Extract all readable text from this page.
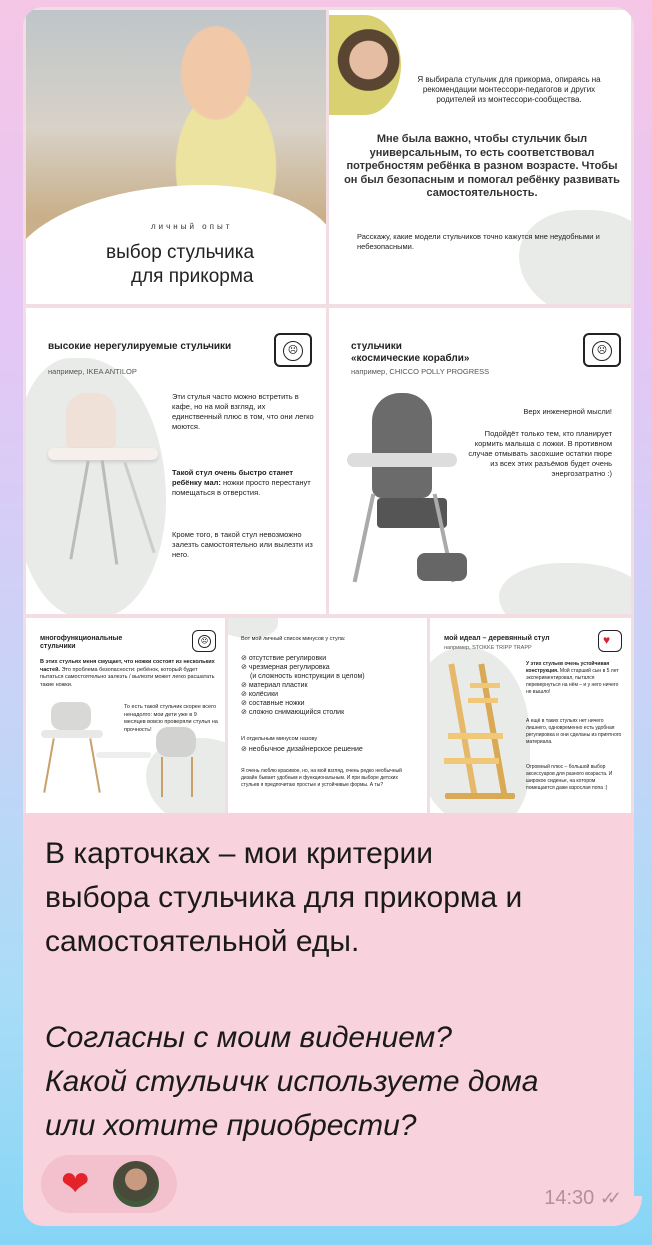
личный опыт
выбор стульчика
для прикорма
Я выбирала стульчик для прикорма, опираясь на рекомендации монтессори-педагогов и других родителей из монтессори-сообщества.
Мне была важно, чтобы стульчик был универсальным, то есть соответствовал потребностям ребёнка в разном возрасте. Чтобы он был безопасным и помогал ребёнку развивать самостоятельность.
Расскажу, какие модели стульчиков точно кажутся мне неудобными и небезопасными.
высокие нерегулируемые стульчики
например, IKEA ANTILOP
☹
Эти стулья часто можно встретить в кафе, но на мой взгляд, их единственный плюс в том, что они легко моются.
Такой стул очень быстро станет ребёнку мал: ножки просто перестанут помещаться в отверстия.
Кроме того, в такой стул невозможно залезть самостоятельно или вылезти из него.
стульчики
«космические корабли»
например, CHICCO POLLY PROGRESS
☹
Верх инженерной мысли!
Подойдёт только тем, кто планирует кормить малыша с ложки. В противном случае отмывать засохшие остатки пюре из всех этих разъёмов будет очень энергозатратно :)
многофункциональные
стульчики
☹
В этих стульях меня смущает, что ножки состоят из нескольких частей. Это проблема безопасности: ребёнок, который будет пытаться самостоятельно залезть / вылезти может легко расшатать такие ножки.
То есть такой стульчик скорее всего ненадолго: мои дети уже в 9 месяцев вовсю проверяли стулья на прочность!
Вот мой личный список минусов у стула:
⊘ отсутствие регулировки
⊘ чрезмерная регулировка
(и сложность конструкции в целом)
⊘ материал пластик
⊘ колёсики
⊘ составные ножки
⊘ сложно снимающийся столик
И отдельным минусом назову
⊘ необычное дизайнерское решение
Я очень люблю красивое, но, на мой взгляд, очень редко необычный дизайн бывает удобным и функциональным. И при выборе детских стульев я предпочитаю простые и устойчивые формы. А ты?
мой идеал – деревянный стул
например, STOKKE TRIPP TRAPP
♥
У этих стульев очень устойчивая конструкция. Мой старший сын в 5 лет экспериментировал, пытался перевернуться на нём – и у него ничего не вышло!
А ещё в таких стульях нет ничего лишнего, одновременно есть удобная регулировка и они сделаны из приятного материала.
Огромный плюс – большой выбор аксессуаров для разного возраста. И широкое сиденье, на котором помещается даже взрослая попа :)
В карточках – мои критерии
выбора стульчика для прикорма и
самостоятельной еды.
Согласны с моим видением?
Какой стульичк используете дома
или хотите приобрести?
❤	14:30 ✓✓
